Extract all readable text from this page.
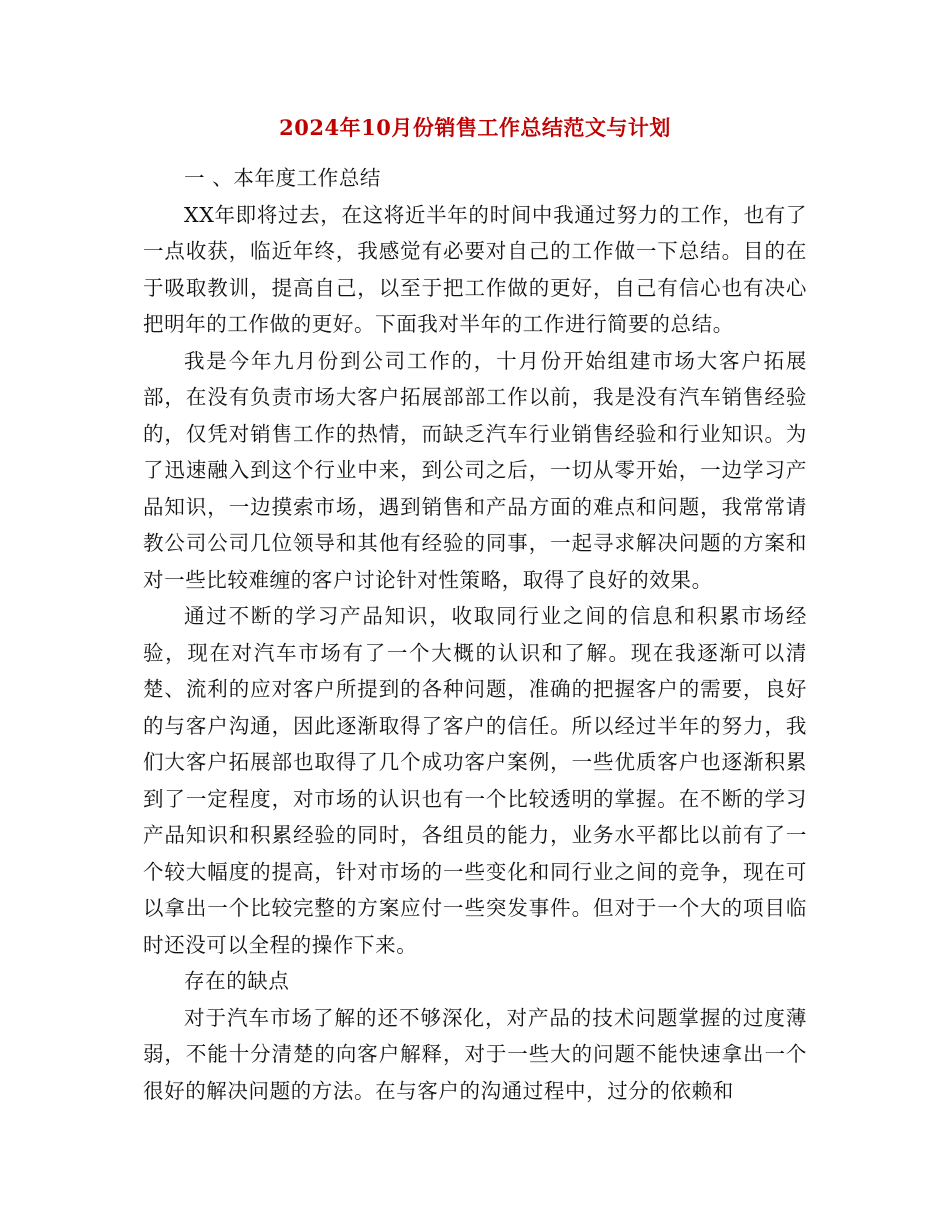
2024年10月份销售工作总结范文与计划

一 、本年度工作总结

XX年即将过去，在这将近半年的时间中我通过努力的工作，也有了一点收获，临近年终，我感觉有必要对自己的工作做一下总结。目的在于吸取教训，提高自己，以至于把工作做的更好，自己有信心也有决心把明年的工作做的更好。下面我对半年的工作进行简要的总结。

我是今年九月份到公司工作的，十月份开始组建市场大客户拓展部，在没有负责市场大客户拓展部部工作以前，我是没有汽车销售经验的，仅凭对销售工作的热情，而缺乏汽车行业销售经验和行业知识。为了迅速融入到这个行业中来，到公司之后，一切从零开始，一边学习产品知识，一边摸索市场，遇到销售和产品方面的难点和问题，我常常请教公司公司几位领导和其他有经验的同事，一起寻求解决问题的方案和对一些比较难缠的客户讨论针对性策略，取得了良好的效果。

通过不断的学习产品知识，收取同行业之间的信息和积累市场经验，现在对汽车市场有了一个大概的认识和了解。现在我逐渐可以清楚、流利的应对客户所提到的各种问题，准确的把握客户的需要，良好的与客户沟通，因此逐渐取得了客户的信任。所以经过半年的努力，我们大客户拓展部也取得了几个成功客户案例，一些优质客户也逐渐积累到了一定程度，对市场的认识也有一个比较透明的掌握。在不断的学习产品知识和积累经验的同时，各组员的能力，业务水平都比以前有了一个较大幅度的提高，针对市场的一些变化和同行业之间的竞争，现在可以拿出一个比较完整的方案应付一些突发事件。但对于一个大的项目临时还没可以全程的操作下来。

存在的缺点

对于汽车市场了解的还不够深化，对产品的技术问题掌握的过度薄弱，不能十分清楚的向客户解释，对于一些大的问题不能快速拿出一个很好的解决问题的方法。在与客户的沟通过程中，过分的依赖和
